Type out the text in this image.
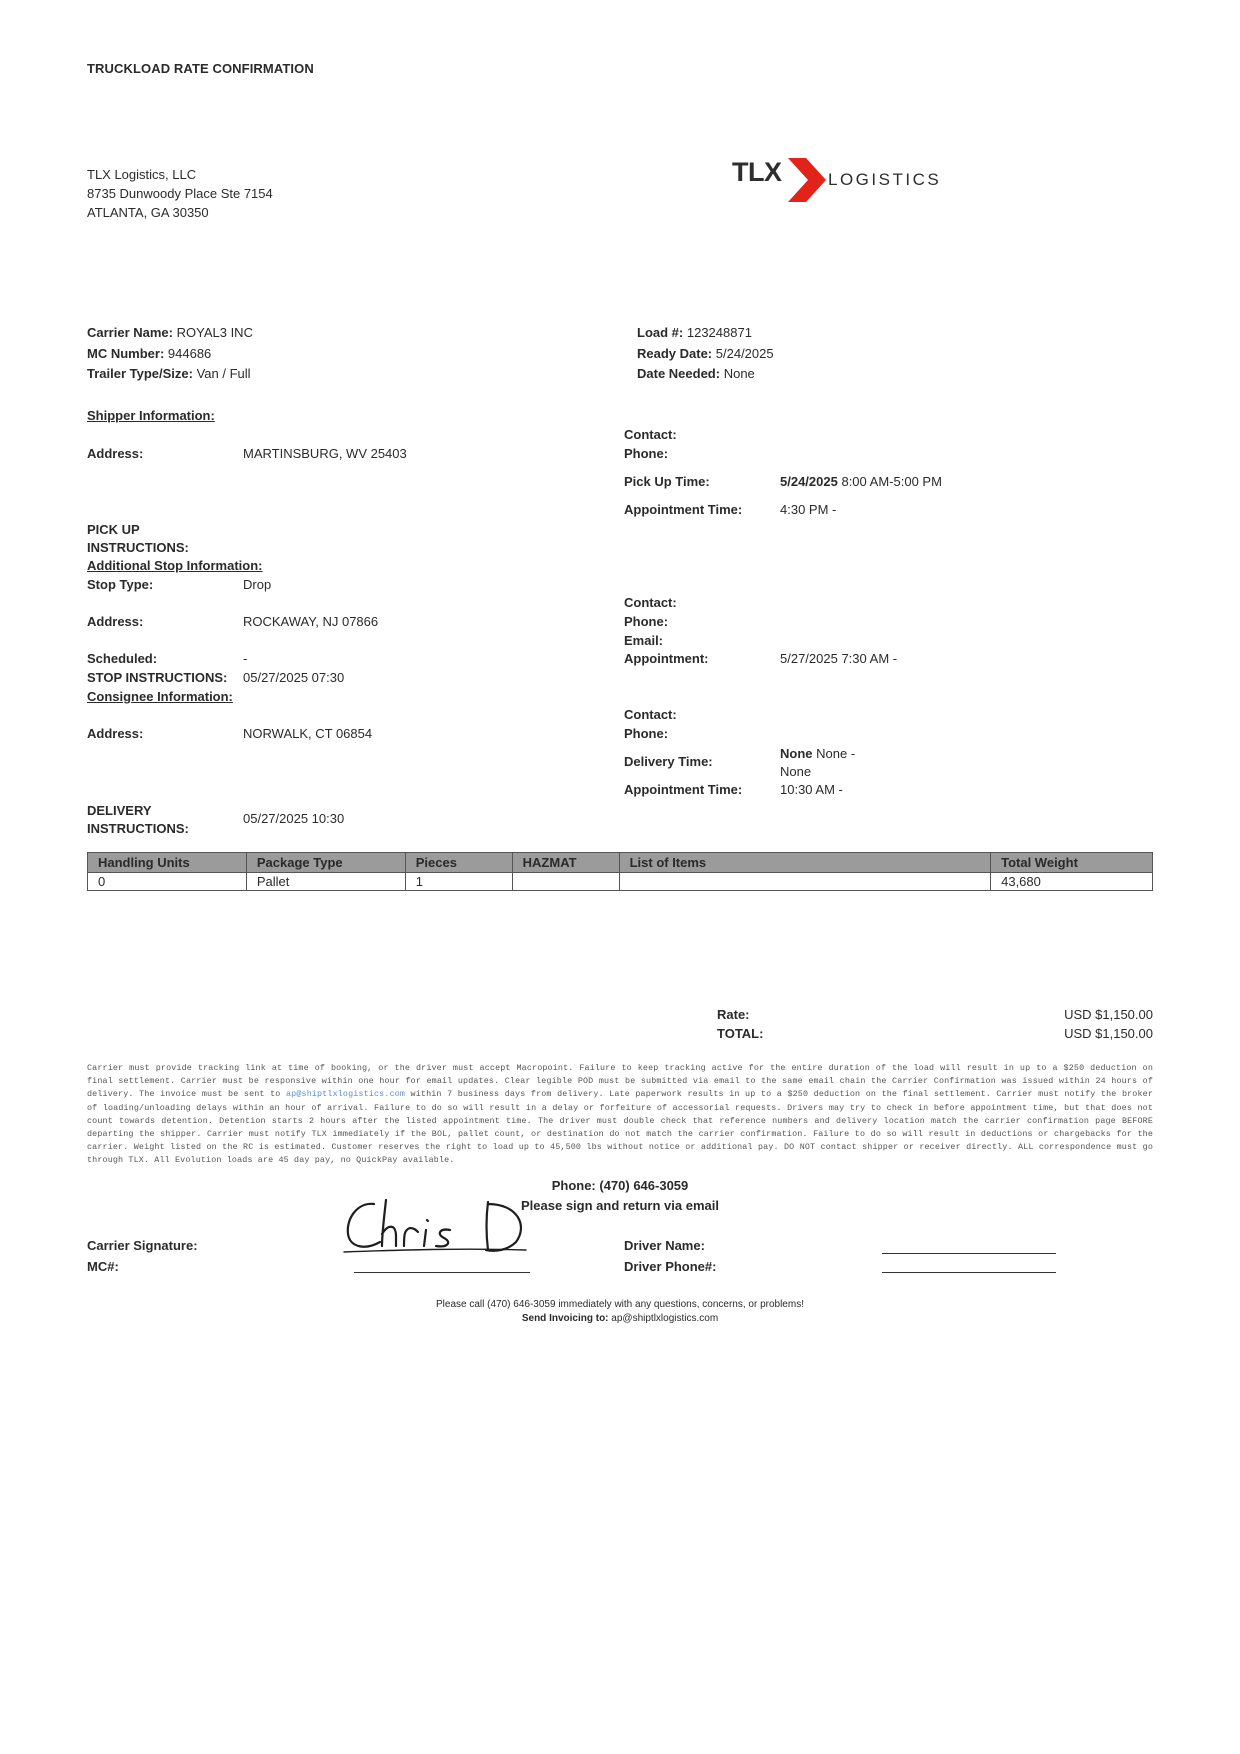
TRUCKLOAD RATE CONFIRMATION
TLX Logistics, LLC
8735 Dunwoody Place Ste 7154
ATLANTA, GA 30350
TLX	LOGISTICS
Carrier Name: ROYAL3 INC
MC Number: 944686
Trailer Type/Size: Van / Full
Load #: 123248871
Ready Date: 5/24/2025
Date Needed: None
Shipper Information:
Contact:
Address:	MARTINSBURG, WV 25403	Phone:
Pick Up Time:	5/24/2025 8:00 AM-5:00 PM
Appointment Time:	4:30 PM -
PICK UP
INSTRUCTIONS:
Additional Stop Information:
Stop Type:	Drop
Contact:
Address:	ROCKAWAY, NJ 07866	Phone:
Email:
Scheduled:	-	Appointment:	5/27/2025 7:30 AM -
STOP INSTRUCTIONS:	05/27/2025 07:30
Consignee Information:
Contact:
Address:	NORWALK, CT 06854	Phone:
Delivery Time:
None None -
None
Appointment Time:	10:30 AM -
DELIVERY
INSTRUCTIONS:
05/27/2025 10:30
Handling Units	Package Type	Pieces	HAZMAT	List of Items	Total Weight
0	Pallet	1			43,680
Rate:	USD $1,150.00
TOTAL:	USD $1,150.00
Carrier must provide tracking link at time of booking, or the driver must accept Macropoint. Failure to keep tracking active for the entire duration of the load will result in up to a $250 deduction on final settlement. Carrier must be responsive within one hour for email updates. Clear legible POD must be submitted via email to the same email chain the Carrier Confirmation was issued within 24 hours of delivery. The invoice must be sent to ap@shiptlxlogistics.com within 7 business days from delivery. Late paperwork results in up to a $250 deduction on the final settlement. Carrier must notify the broker of loading/unloading delays within an hour of arrival. Failure to do so will result in a delay or forfeiture of accessorial requests. Drivers may try to check in before appointment time, but that does not count towards detention. Detention starts 2 hours after the listed appointment time. The driver must double check that reference numbers and delivery location match the carrier confirmation page BEFORE departing the shipper. Carrier must notify TLX immediately if the BOL, pallet count, or destination do not match the carrier confirmation. Failure to do so will result in deductions or chargebacks for the carrier. Weight listed on the RC is estimated. Customer reserves the right to load up to 45,500 lbs without notice or additional pay. DO NOT contact shipper or receiver directly. ALL correspondence must go through TLX. All Evolution loads are 45 day pay, no QuickPay available.
Phone: (470) 646-3059
Please sign and return via email
Carrier Signature:
MC#:
Driver Name:
Driver Phone#:
Please call (470) 646-3059 immediately with any questions, concerns, or problems!
Send Invoicing to: ap@shiptlxlogistics.com
